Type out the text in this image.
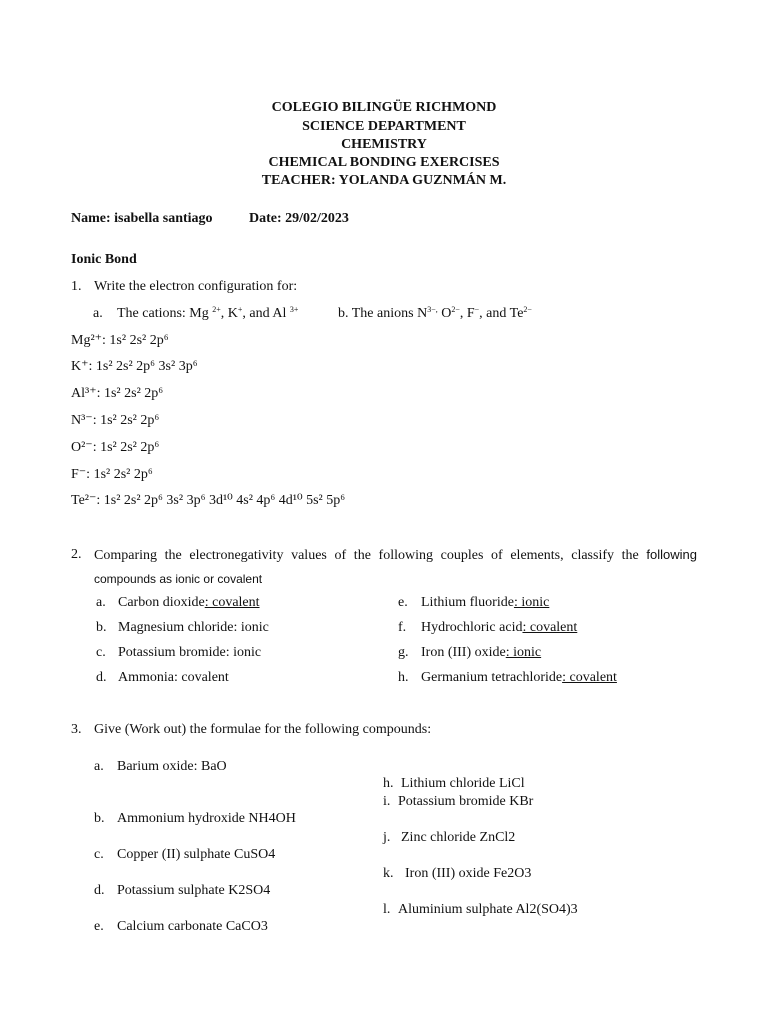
COLEGIO BILINGÜE RICHMOND
SCIENCE DEPARTMENT
CHEMISTRY
CHEMICAL BONDING EXERCISES
TEACHER: YOLANDA GUZNMÁN M.
Name: isabella santiago	Date: 29/02/2023
Ionic Bond
1. Write the electron configuration for:
a. The cations: Mg $^{2+}$, K+, and Al $^{3+}$	b. The anions $N^{3-,}$ $O^{2-}$, F−, and $Te^{2-}$
Mg²⁺: 1s² 2s² 2p⁶
K⁺: 1s² 2s² 2p⁶ 3s² 3p⁶
Al³⁺: 1s² 2s² 2p⁶
N³⁻: 1s² 2s² 2p⁶
O²⁻: 1s² 2s² 2p⁶
F⁻: 1s² 2s² 2p⁶
Te²⁻: 1s² 2s² 2p⁶ 3s² 3p⁶ 3d¹⁰ 4s² 4p⁶ 4d¹⁰ 5s² 5p⁶
2. Comparing the electronegativity values of the following couples of elements, classify the following
compounds as ionic or covalent
a. Carbon dioxide: covalent
b. Magnesium chloride: ionic
c. Potassium bromide: ionic
d. Ammonia: covalent
e. Lithium fluoride: ionic
f. Hydrochloric acid: covalent
g. Iron (III) oxide: ionic
h. Germanium tetrachloride: covalent
3. Give (Work out) the formulae for the following compounds:
a. Barium oxide: BaO
b. Ammonium hydroxide NH4OH
c. Copper (II) sulphate CuSO4
d. Potassium sulphate K2SO4
e. Calcium carbonate CaCO3
h. Lithium chloride LiCl
i. Potassium bromide KBr
j. Zinc chloride ZnCl2
k. Iron (III) oxide Fe2O3
l. Aluminium sulphate Al2(SO4)3
